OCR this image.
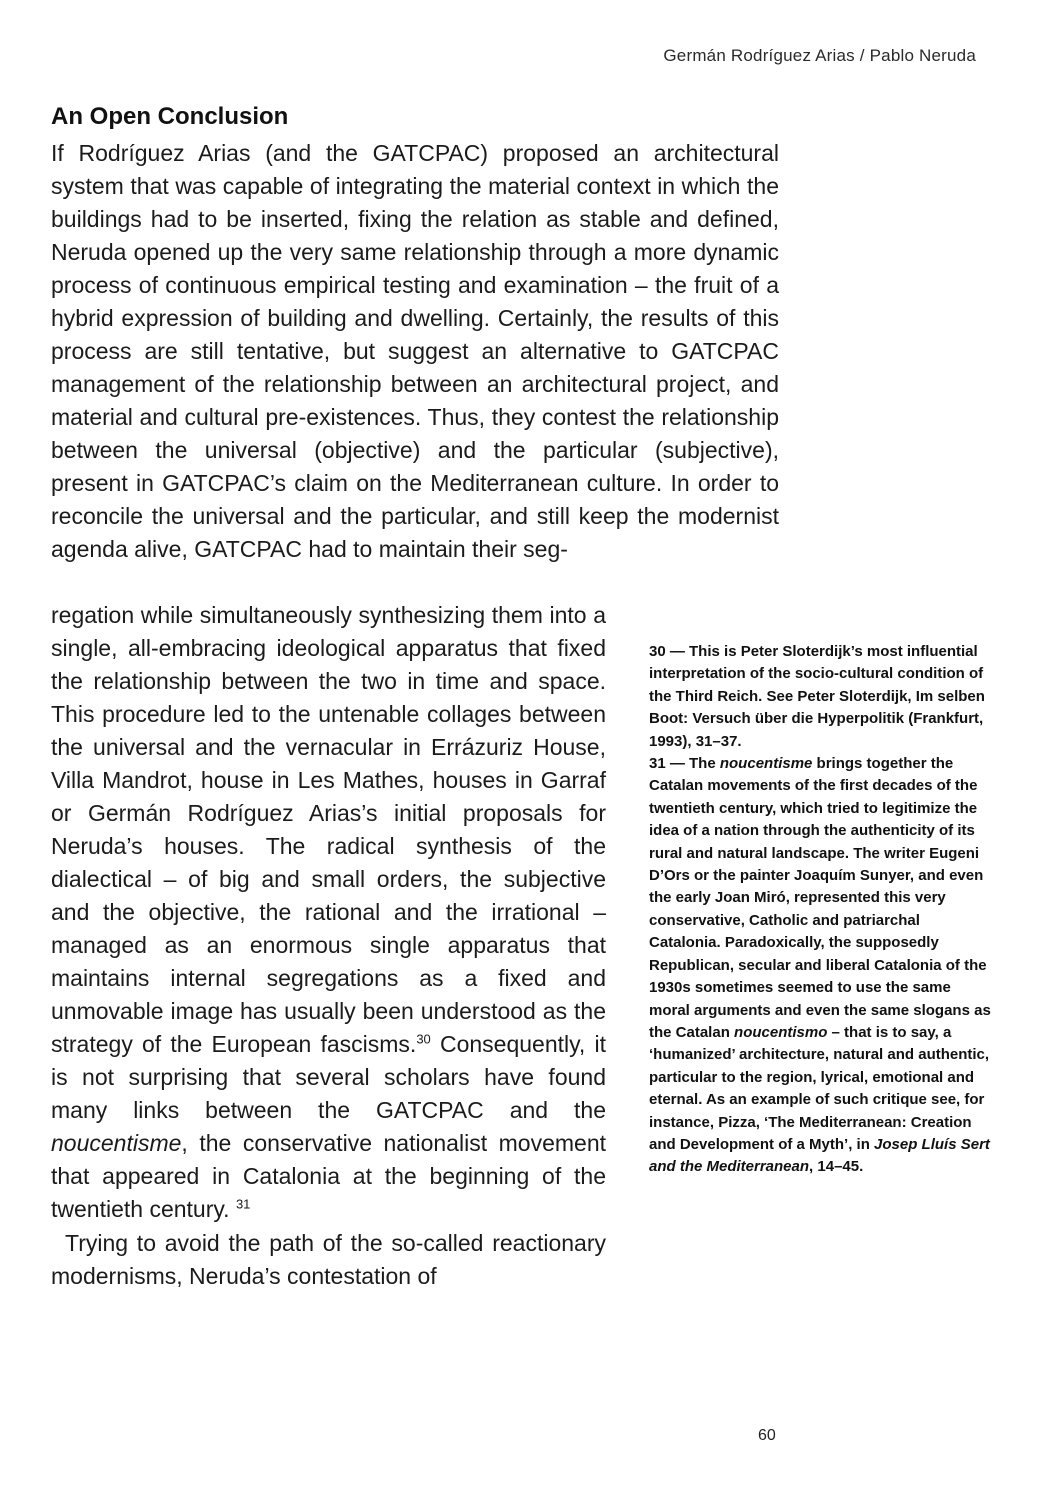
Germán Rodríguez Arias / Pablo Neruda
An Open Conclusion

If Rodríguez Arias (and the GATCPAC) proposed an architectural system that was capable of integrating the material context in which the buildings had to be inserted, fixing the relation as stable and defined, Neruda opened up the very same relationship through a more dynamic process of continuous empirical testing and examination – the fruit of a hybrid expression of building and dwelling. Certainly, the results of this process are still tentative, but suggest an alternative to GATCPAC management of the relationship between an architectural project, and material and cultural pre-existences. Thus, they contest the relationship between the universal (objective) and the particular (subjective), present in GATCPAC’s claim on the Mediterranean culture. In order to reconcile the universal and the particular, and still keep the modernist agenda alive, GATCPAC had to maintain their seg-

regation while simultaneously synthesizing them into a single, all-embracing ideological apparatus that fixed the relationship between the two in time and space. This procedure led to the untenable collages between the universal and the vernacular in Errázuriz House, Villa Mandrot, house in Les Mathes, houses in Garraf or Germán Rodríguez Arias’s initial proposals for Neruda’s houses. The radical synthesis of the dialectical – of big and small orders, the subjective and the objective, the rational and the irrational – managed as an enormous single apparatus that maintains internal segregations as a fixed and unmovable image has usually been understood as the strategy of the European fascisms.$^{30}$ Consequently, it is not surprising that several scholars have found many links between the GATCPAC and the noucentisme, the conservative nationalist movement that appeared in Catalonia at the beginning of the twentieth century. $^{31}$

Trying to avoid the path of the so-called reactionary modernisms, Neruda’s contestation of

30 — This is Peter Sloterdijk’s most influential interpretation of the socio-cultural condition of the Third Reich. See Peter Sloterdijk, Im selben Boot: Versuch über die Hyperpolitik (Frankfurt, 1993), 31–37.

31 — The noucentisme brings together the Catalan movements of the first decades of the twentieth century, which tried to legitimize the idea of a nation through the authenticity of its rural and natural landscape. The writer Eugeni D’Ors or the painter Joaquím Sunyer, and even the early Joan Miró, represented this very conservative, Catholic and patriarchal Catalonia. Paradoxically, the supposedly Republican, secular and liberal Catalonia of the 1930s sometimes seemed to use the same moral arguments and even the same slogans as the Catalan noucentismo – that is to say, a ‘humanized’ architecture, natural and authentic, particular to the region, lyrical, emotional and eternal. As an example of such critique see, for instance, Pizza, ‘The Mediterranean: Creation and Development of a Myth’, in Josep Lluís Sert and the Mediterranean, 14–45.

60
